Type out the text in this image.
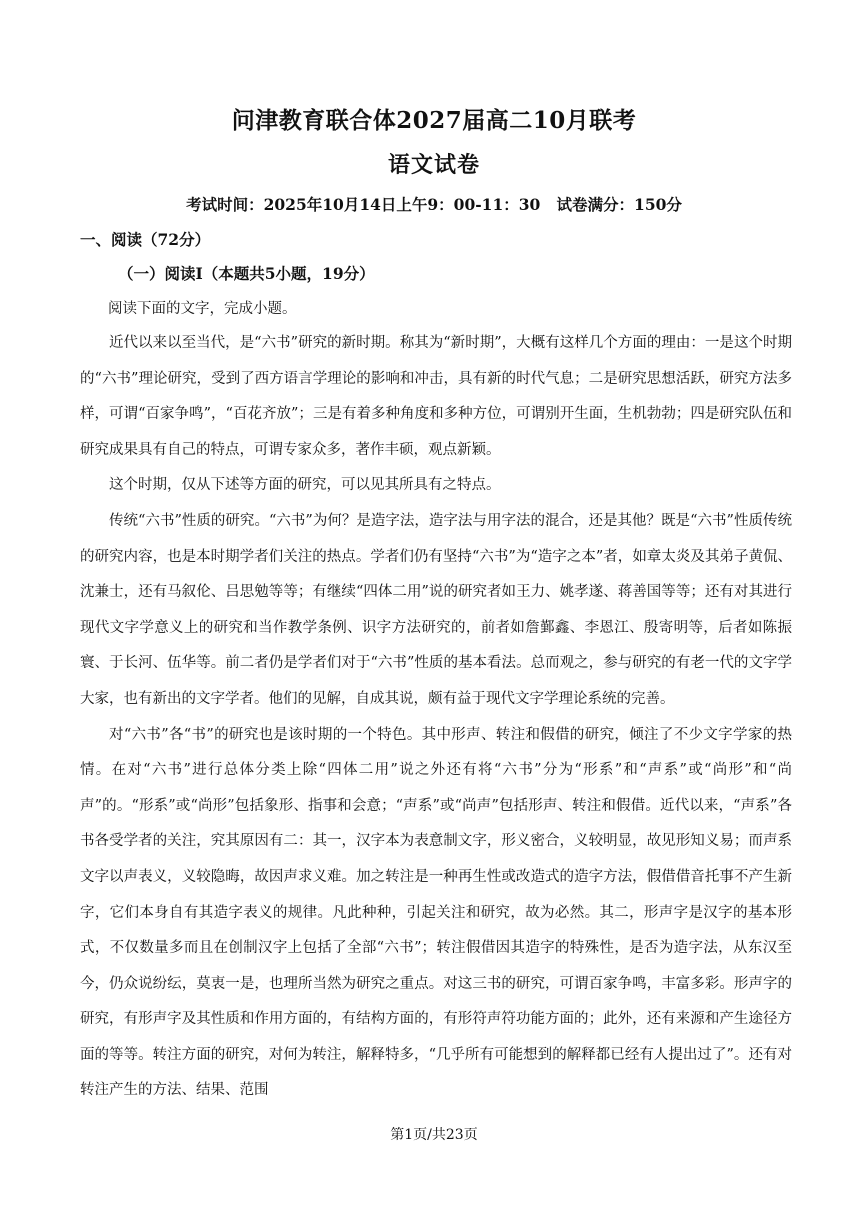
问津教育联合体2027届高二10月联考
语文试卷
考试时间：2025年10月14日上午9：00-11：30 试卷满分：150分
一、阅读（72分）
（一）阅读Ⅰ（本题共5小题，19分）
阅读下面的文字，完成小题。

近代以来以至当代，是“六书”研究的新时期。称其为“新时期”，大概有这样几个方面的理由：一是这个时期的“六书”理论研究，受到了西方语言学理论的影响和冲击，具有新的时代气息；二是研究思想活跃，研究方法多样，可谓“百家争鸣”，“百花齐放”；三是有着多种角度和多种方位，可谓别开生面，生机勃勃；四是研究队伍和研究成果具有自己的特点，可谓专家众多，著作丰硕，观点新颖。

这个时期，仅从下述等方面的研究，可以见其所具有之特点。

传统“六书”性质的研究。“六书”为何？是造字法，造字法与用字法的混合，还是其他？既是“六书”性质传统的研究内容，也是本时期学者们关注的热点。学者们仍有坚持“六书”为“造字之本”者，如章太炎及其弟子黄侃、沈兼士，还有马叙伦、吕思勉等等；有继续“四体二用”说的研究者如王力、姚孝遂、蒋善国等等；还有对其进行现代文字学意义上的研究和当作教学条例、识字方法研究的，前者如詹鄞鑫、李恩江、殷寄明等，后者如陈振寰、于长河、伍华等。前二者仍是学者们对于“六书”性质的基本看法。总而观之，参与研究的有老一代的文字学大家，也有新出的文字学者。他们的见解，自成其说，颇有益于现代文字学理论系统的完善。

对“六书”各“书”的研究也是该时期的一个特色。其中形声、转注和假借的研究，倾注了不少文字学家的热情。在对“六书”进行总体分类上除“四体二用”说之外还有将“六书”分为“形系”和“声系”或“尚形”和“尚声”的。“形系”或“尚形”包括象形、指事和会意；“声系”或“尚声”包括形声、转注和假借。近代以来，“声系”各书各受学者的关注，究其原因有二：其一，汉字本为表意制文字，形义密合，义较明显，故见形知义易；而声系文字以声表义，义较隐晦，故因声求义难。加之转注是一种再生性或改造式的造字方法，假借借音托事不产生新字，它们本身自有其造字表义的规律。凡此种种，引起关注和研究，故为必然。其二，形声字是汉字的基本形式，不仅数量多而且在创制汉字上包括了全部“六书”；转注假借因其造字的特殊性，是否为造字法，从东汉至今，仍众说纷纭，莫衷一是，也理所当然为研究之重点。对这三书的研究，可谓百家争鸣，丰富多彩。形声字的研究，有形声字及其性质和作用方面的，有结构方面的，有形符声符功能方面的；此外，还有来源和产生途径方面的等等。转注方面的研究，对何为转注，解释特多，“几乎所有可能想到的解释都已经有人提出过了”。还有对转注产生的方法、结果、范围

第1页/共23页
